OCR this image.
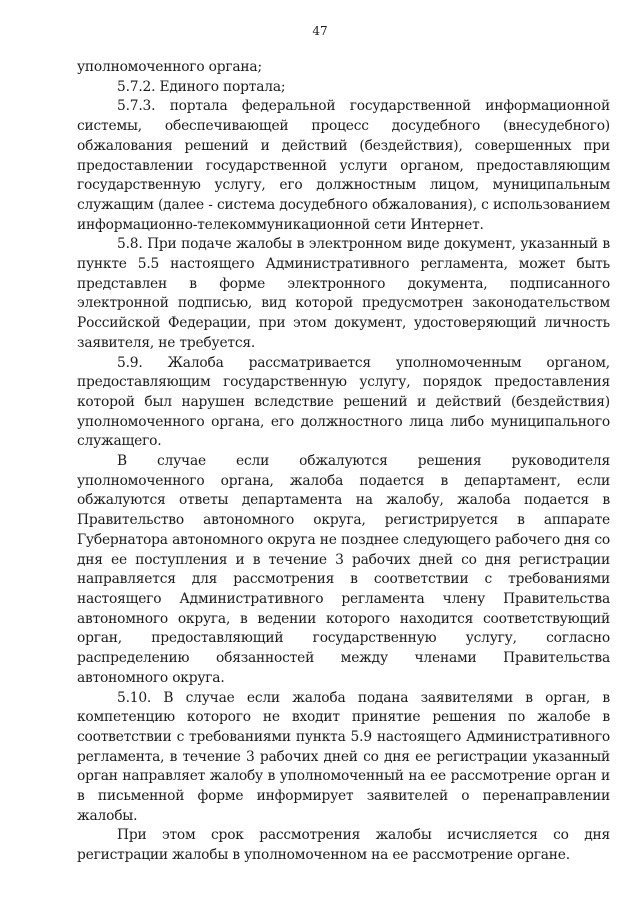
47

уполномоченного органа;

5.7.2. Единого портала;

5.7.3. портала федеральной государственной информационной системы, обеспечивающей процесс досудебного (внесудебного) обжалования решений и действий (бездействия), совершенных при предоставлении государственной услуги органом, предоставляющим государственную услугу, его должностным лицом, муниципальным служащим (далее - система досудебного обжалования), с использованием информационно-телекоммуникационной сети Интернет.

5.8. При подаче жалобы в электронном виде документ, указанный в пункте 5.5 настоящего Административного регламента, может быть представлен в форме электронного документа, подписанного электронной подписью, вид которой предусмотрен законодательством Российской Федерации, при этом документ, удостоверяющий личность заявителя, не требуется.

5.9. Жалоба рассматривается уполномоченным органом, предоставляющим государственную услугу, порядок предоставления которой был нарушен вследствие решений и действий (бездействия) уполномоченного органа, его должностного лица либо муниципального служащего.

В случае если обжалуются решения руководителя уполномоченного органа, жалоба подается в департамент, если обжалуются ответы департамента на жалобу, жалоба подается в Правительство автономного округа, регистрируется в аппарате Губернатора автономного округа не позднее следующего рабочего дня со дня ее поступления и в течение 3 рабочих дней со дня регистрации направляется для рассмотрения в соответствии с требованиями настоящего Административного регламента члену Правительства автономного округа, в ведении которого находится соответствующий орган, предоставляющий государственную услугу, согласно распределению обязанностей между членами Правительства автономного округа.

5.10. В случае если жалоба подана заявителями в орган, в компетенцию которого не входит принятие решения по жалобе в соответствии с требованиями пункта 5.9 настоящего Административного регламента, в течение 3 рабочих дней со дня ее регистрации указанный орган направляет жалобу в уполномоченный на ее рассмотрение орган и в письменной форме информирует заявителей о перенаправлении жалобы.

При этом срок рассмотрения жалобы исчисляется со дня регистрации жалобы в уполномоченном на ее рассмотрение органе.
